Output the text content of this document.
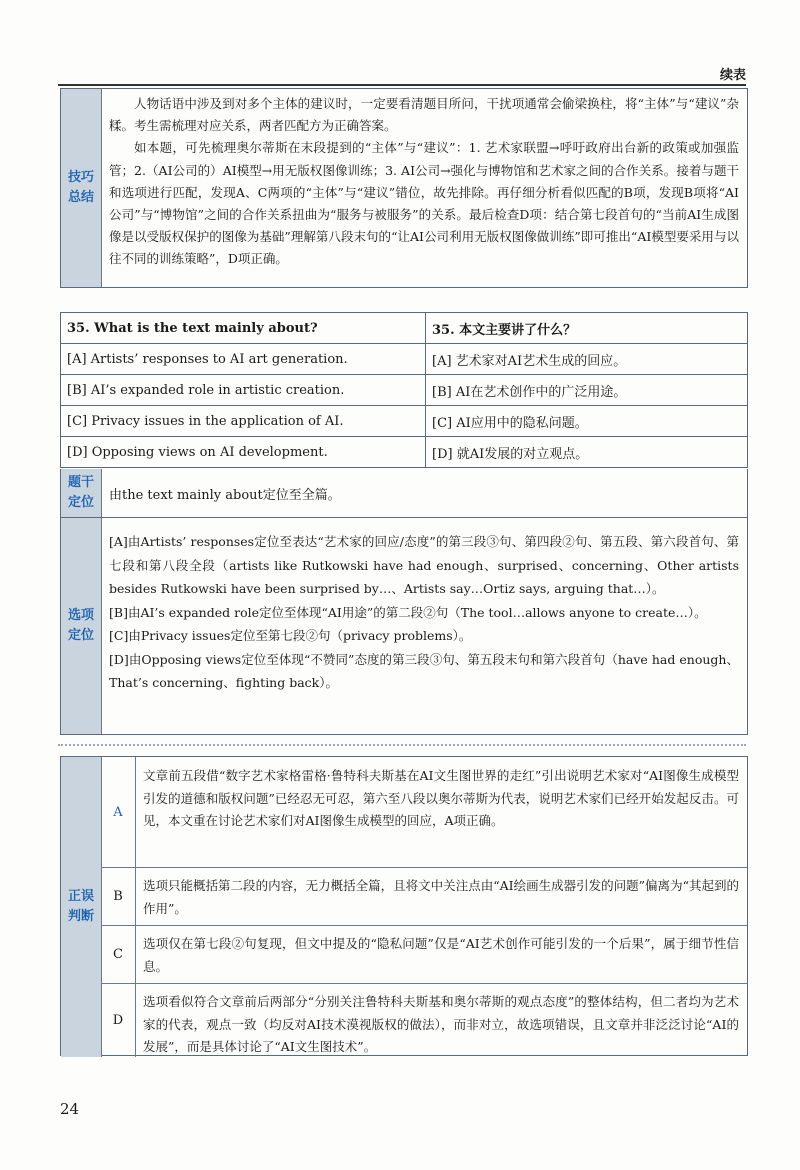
续表
技巧
总结

人物话语中涉及到对多个主体的建议时，一定要看清题目所问，干扰项通常会偷梁换柱，将“主体”与“建议”杂糅。考生需梳理对应关系，两者匹配方为正确答案。

如本题，可先梳理奥尔蒂斯在末段提到的“主体”与“建议”：1. 艺术家联盟→呼吁政府出台新的政策或加强监管；2.（AI公司的）AI模型→用无版权图像训练；3. AI公司→强化与博物馆和艺术家之间的合作关系。接着与题干和选项进行匹配，发现A、C两项的“主体”与“建议”错位，故先排除。再仔细分析看似匹配的B项，发现B项将“AI公司”与“博物馆”之间的合作关系扭曲为“服务与被服务”的关系。最后检查D项：结合第七段首句的“当前AI生成图像是以受版权保护的图像为基础”理解第八段末句的“让AI公司利用无版权图像做训练”即可推出“AI模型要采用与以往不同的训练策略”，D项正确。

35. What is the text mainly about?	35. 本文主要讲了什么？
[A] Artists’ responses to AI art generation.	[A] 艺术家对AI艺术生成的回应。
[B] AI’s expanded role in artistic creation.	[B] AI在艺术创作中的广泛用途。
[C] Privacy issues in the application of AI.	[C] AI应用中的隐私问题。
[D] Opposing views on AI development.	[D] 就AI发展的对立观点。
题干
定位 由the text mainly about定位至全篇。
选项
定位

[A]由Artists’ responses定位至表达“艺术家的回应/态度”的第三段③句、第四段②句、第五段、第六段首句、第七段和第八段全段（artists like Rutkowski have had enough、surprised、concerning、Other artists besides Rutkowski have been surprised by…、Artists say…Ortiz says, arguing that…）。

[B]由AI’s expanded role定位至体现“AI用途”的第二段②句（The tool…allows anyone to create…）。

[C]由Privacy issues定位至第七段②句（privacy problems）。

[D]由Opposing views定位至体现“不赞同”态度的第三段③句、第五段末句和第六段首句（have had enough、That’s concerning、fighting back）。

正误
判断
A
文章前五段借“数字艺术家格雷格·鲁特科夫斯基在AI文生图世界的走红”引出说明艺术家对“AI图像生成模型引发的道德和版权问题”已经忍无可忍，第六至八段以奥尔蒂斯为代表，说明艺术家们已经开始发起反击。可见，本文重在讨论艺术家们对AI图像生成模型的回应，A项正确。
B
选项只能概括第二段的内容，无力概括全篇，且将文中关注点由“AI绘画生成器引发的问题”偏离为“其起到的作用”。
C
选项仅在第七段②句复现，但文中提及的“隐私问题”仅是“AI艺术创作可能引发的一个后果”，属于细节性信息。
D
选项看似符合文章前后两部分“分别关注鲁特科夫斯基和奥尔蒂斯的观点态度”的整体结构，但二者均为艺术家的代表，观点一致（均反对AI技术漠视版权的做法），而非对立，故选项错误，且文章并非泛泛讨论“AI的发展”，而是具体讨论了“AI文生图技术”。
24
